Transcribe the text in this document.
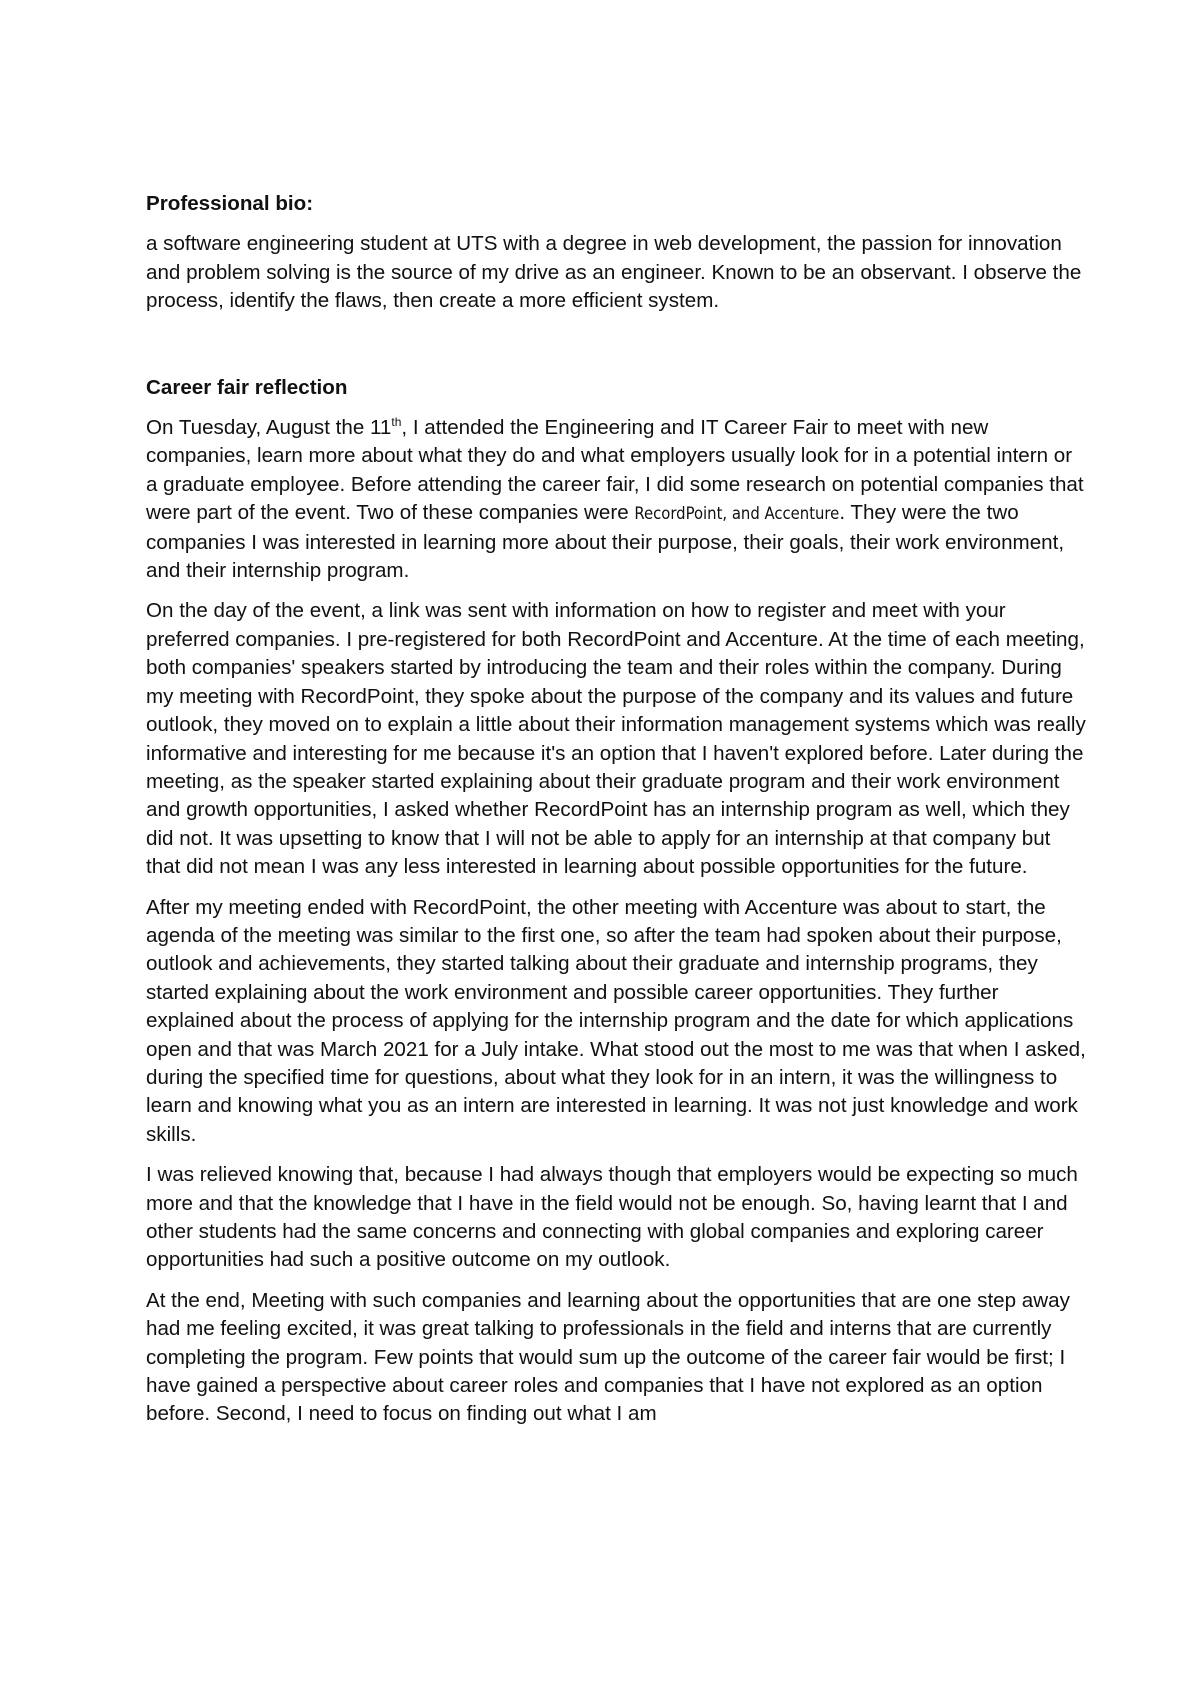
Professional bio:

a software engineering student at UTS with a degree in web development, the passion for innovation and problem solving is the source of my drive as an engineer. Known to be an observant. I observe the process, identify the flaws, then create a more efficient system.

Career fair reflection

On Tuesday, August the 11th, I attended the Engineering and IT Career Fair to meet with new companies, learn more about what they do and what employers usually look for in a potential intern or a graduate employee. Before attending the career fair, I did some research on potential companies that were part of the event. Two of these companies were RecordPoint, and Accenture. They were the two companies I was interested in learning more about their purpose, their goals, their work environment, and their internship program.

On the day of the event, a link was sent with information on how to register and meet with your preferred companies. I pre-registered for both RecordPoint and Accenture. At the time of each meeting, both companies' speakers started by introducing the team and their roles within the company. During my meeting with RecordPoint, they spoke about the purpose of the company and its values and future outlook, they moved on to explain a little about their information management systems which was really informative and interesting for me because it's an option that I haven't explored before. Later during the meeting, as the speaker started explaining about their graduate program and their work environment and growth opportunities, I asked whether RecordPoint has an internship program as well, which they did not. It was upsetting to know that I will not be able to apply for an internship at that company but that did not mean I was any less interested in learning about possible opportunities for the future.

After my meeting ended with RecordPoint, the other meeting with Accenture was about to start, the agenda of the meeting was similar to the first one, so after the team had spoken about their purpose, outlook and achievements, they started talking about their graduate and internship programs, they started explaining about the work environment and possible career opportunities. They further explained about the process of applying for the internship program and the date for which applications open and that was March 2021 for a July intake. What stood out the most to me was that when I asked, during the specified time for questions, about what they look for in an intern, it was the willingness to learn and knowing what you as an intern are interested in learning. It was not just knowledge and work skills.

I was relieved knowing that, because I had always though that employers would be expecting so much more and that the knowledge that I have in the field would not be enough. So, having learnt that I and other students had the same concerns and connecting with global companies and exploring career opportunities had such a positive outcome on my outlook.

At the end, Meeting with such companies and learning about the opportunities that are one step away had me feeling excited, it was great talking to professionals in the field and interns that are currently completing the program. Few points that would sum up the outcome of the career fair would be first; I have gained a perspective about career roles and companies that I have not explored as an option before. Second, I need to focus on finding out what I am
